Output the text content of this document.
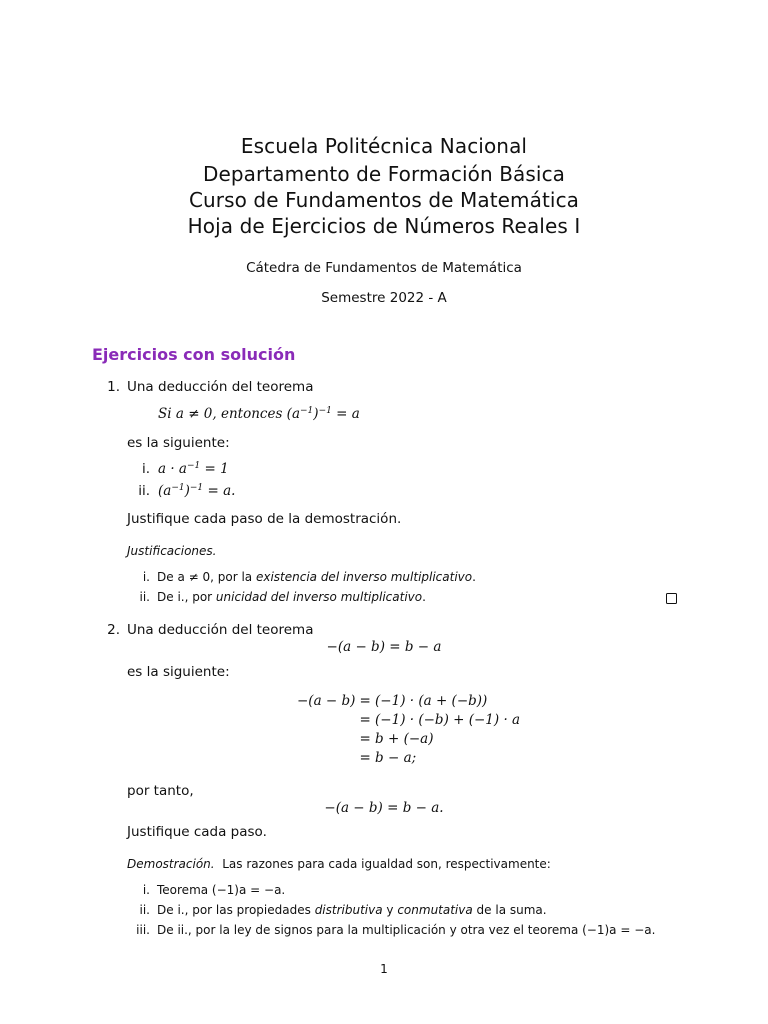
Escuela Politécnica Nacional
Departamento de Formación Básica
Curso de Fundamentos de Matemática
Hoja de Ejercicios de Números Reales I
Cátedra de Fundamentos de Matemática
Semestre 2022 - A
Ejercicios con solución
1. Una deducción del teorema
Si a ≠ 0, entonces $(a^{-1})^{-1} = a$
es la siguiente:
i. $a \cdot a^{-1} = 1$
ii. $(a^{-1})^{-1} = a$.
Justifique cada paso de la demostración.
Justificaciones.
i. De a ≠ 0, por la existencia del inverso multiplicativo.
ii. De i., por unicidad del inverso multiplicativo.
2. Una deducción del teorema
−(a − b) = b − a
es la siguiente:
−(a − b) = (−1) · (a + (−b))
= (−1) · (−b) + (−1) · a
= b + (−a)
= b − a;
por tanto,
−(a − b) = b − a.
Justifique cada paso.
Demostración. Las razones para cada igualdad son, respectivamente:
i. Teorema (−1)a = −a.
ii. De i., por las propiedades distributiva y conmutativa de la suma.
iii. De ii., por la ley de signos para la multiplicación y otra vez el teorema (−1)a = −a.
1
